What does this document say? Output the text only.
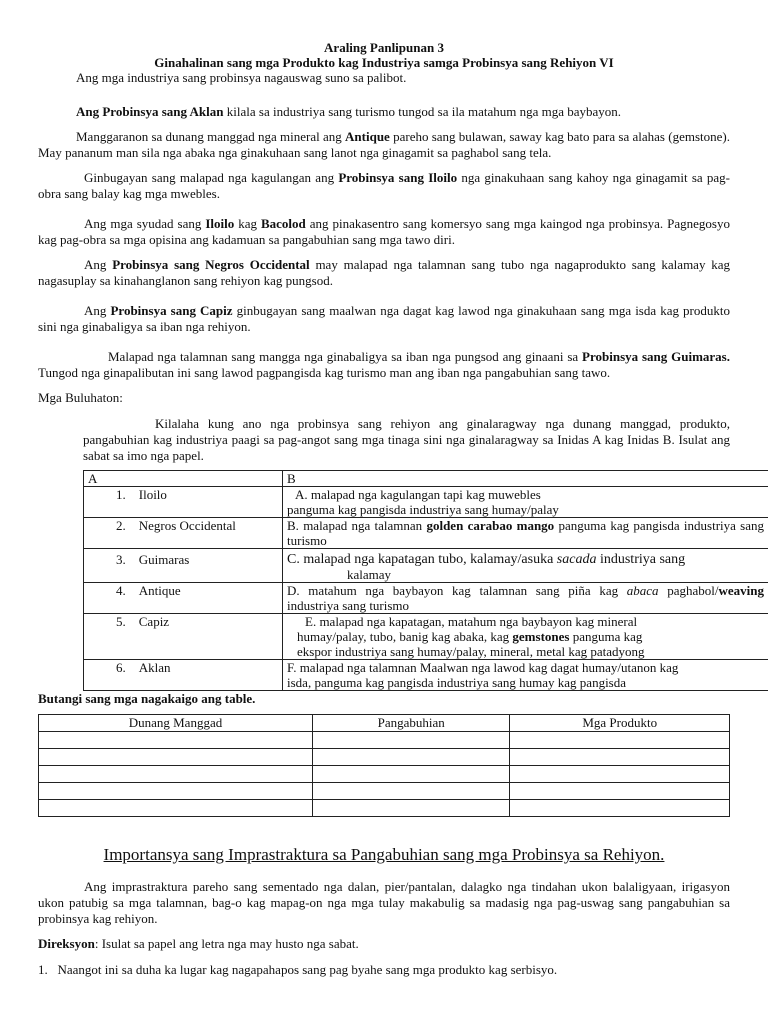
Araling Panlipunan 3
Ginahalinan sang mga Produkto kag Industriya samga Probinsya sang Rehiyon VI

Ang mga industriya sang probinsya nagauswag suno sa palibot.

Ang Probinsya sang Aklan kilala sa industriya sang turismo tungod sa ila matahum nga mga baybayon.

Manggaranon sa dunang manggad nga mineral ang Antique pareho sang bulawan, saway kag bato para sa alahas (gemstone). May pananum man sila nga abaka nga ginakuhaan sang lanot nga ginagamit sa paghabol sang tela.

Ginbugayan sang malapad nga kagulangan ang Probinsya sang Iloilo nga ginakuhaan sang kahoy nga ginagamit sa pag-obra sang balay kag mga mwebles.

Ang mga syudad sang Iloilo kag Bacolod ang pinakasentro sang komersyo sang mga kaingod nga probinsya. Pagnegosyo kag pag-obra sa mga opisina ang kadamuan sa pangabuhian sang mga tawo diri.

Ang Probinsya sang Negros Occidental may malapad nga talamnan sang tubo nga nagaprodukto sang kalamay kag nagasuplay sa kinahanglanon sang rehiyon kag pungsod.

Ang Probinsya sang Capiz ginbugayan sang maalwan nga dagat kag lawod nga ginakuhaan sang mga isda kag produkto sini nga ginabaligya sa iban nga rehiyon.

Malapad nga talamnan sang mangga nga ginabaligya sa iban nga pungsod ang ginaani sa Probinsya sang Guimaras. Tungod nga ginapalibutan ini sang lawod pagpangisda kag turismo man ang iban nga pangabuhian sang tawo.

Mga Buluhaton:

Kilalaha kung ano nga probinsya sang rehiyon ang ginalaragway nga dunang manggad, produkto, pangabuhian kag industriya paagi sa pag-angot sang mga tinaga sini nga ginalaragway sa Inidas A kag Inidas B. Isulat ang sabat sa imo nga papel.

A	B
1. Iloilo	A. malapad nga kagulangan tapi kag muwebles
panguma kag pangisda industriya sang humay/palay

2. Negros Occidental	B. malapad nga talamnan golden carabao mango panguma kag pangisda industriya sang turismo
3. Guimaras	C. malapad nga kapatagan tubo, kalamay/asuka sacada industriya sang
kalamay

4. Antique	D. matahum nga baybayon kag talamnan sang piña kag abaca paghabol/weaving industriya sang turismo
5. Capiz	E. malapad nga kapatagan, matahum nga baybayon kag mineral
humay/palay, tubo, banig kag abaka, kag gemstones panguma kag
ekspor industriya sang humay/palay, mineral, metal kag patadyong

6. Aklan	F. malapad nga talamnan Maalwan nga lawod kag dagat humay/utanon kag
isda, panguma kag pangisda industriya sang humay kag pangisda

Butangi sang mga nagakaigo ang table.

Dunang Manggad	Pangabuhian	Mga Produkto

Importansya sang Imprastraktura sa Pangabuhian sang mga Probinsya sa Rehiyon.

Ang imprastraktura pareho sang sementado nga dalan, pier/pantalan, dalagko nga tindahan ukon balaligyaan, irigasyon ukon patubig sa mga talamnan, bag-o kag mapag-on nga mga tulay makabulig sa madasig nga pag-uswag sang pangabuhian sa probinsya kag rehiyon.

Direksyon: Isulat sa papel ang letra nga may husto nga sabat.

1. Naangot ini sa duha ka lugar kag nagapahapos sang pag byahe sang mga produkto kag serbisyo.
